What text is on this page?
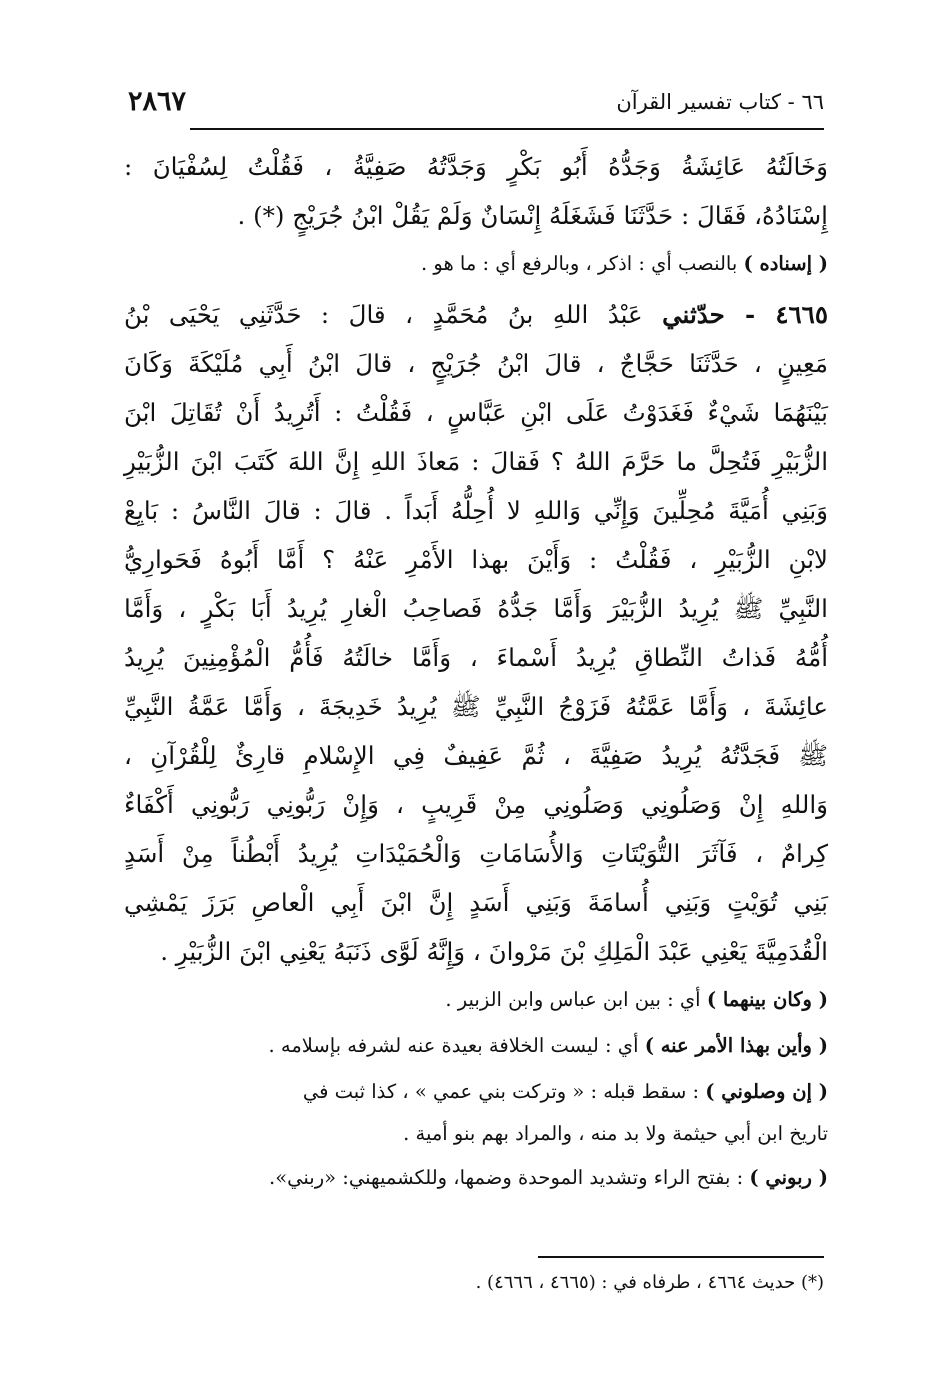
٢٨٦٧	٦٦ - كتاب تفسير القرآن
وَخَالَتُهُ عَائِشَةُ وَجَدُّهُ أَبُو بَكْرٍ وَجَدَّتُهُ صَفِيَّةُ ، فَقُلْتُ لِسُفْيَانَ :
إِسْنَادُهُ، فَقَالَ : حَدَّثَنَا فَشَغَلَهُ إِنْسَانٌ وَلَمْ يَقُلْ ابْنُ جُرَيْجٍ (*) .
( إسناده ) بالنصب أي : اذكر ، وبالرفع أي : ما هو .
٤٦٦٥ - حدّثني عَبْدُ اللهِ بنُ مُحَمَّدٍ ، قالَ : حَدَّثَنِي يَحْيَى بْنُ
مَعِينٍ ، حَدَّثَنَا حَجَّاجٌ ، قالَ ابْنُ جُرَيْجٍ ، قالَ ابْنُ أَبِي مُلَيْكَةَ وَكَانَ
بَيْنَهُمَا شَيْءٌ فَغَدَوْتُ عَلَى ابْنِ عَبَّاسٍ ، فَقُلْتُ : أَتُرِيدُ أَنْ تُقَاتِلَ ابْنَ
الزُّبَيْرِ فَتُحِلَّ ما حَرَّمَ اللهُ ؟ فَقالَ : مَعاذَ اللهِ إِنَّ اللهَ كَتَبَ ابْنَ الزُّبَيْرِ
وَبَنِي أُمَيَّةَ مُحِلِّينَ وَإِنِّي وَاللهِ لا أُحِلُّهُ أَبَداً . قالَ : قالَ النَّاسُ : بَايِعْ
لابْنِ الزُّبَيْرِ ، فَقُلْتُ : وَأَيْنَ بهذا الأَمْرِ عَنْهُ ؟ أَمَّا أَبُوهُ فَحَوارِيُّ
النَّبِيِّ ﷺ يُرِيدُ الزُّبَيْرَ وَأَمَّا جَدُّهُ فَصاحِبُ الْغارِ يُرِيدُ أَبَا بَكْرٍ ، وَأَمَّا
أُمُّهُ فَذاتُ النِّطاقِ يُرِيدُ أَسْماءَ ، وَأَمَّا خالَتُهُ فَأُمُّ الْمُؤْمِنِينَ يُرِيدُ
عائِشَةَ ، وَأَمَّا عَمَّتُهُ فَزَوْجُ النَّبِيِّ ﷺ يُرِيدُ خَدِيجَةَ ، وَأَمَّا عَمَّةُ النَّبِيِّ
ﷺ فَجَدَّتُهُ يُرِيدُ صَفِيَّةَ ، ثُمَّ عَفِيفٌ فِي الإِسْلامِ قارِئٌ لِلْقُرْآنِ ،
وَاللهِ إِنْ وَصَلُونِي وَصَلُونِي مِنْ قَرِيبٍ ، وَإِنْ رَبُّونِي رَبُّونِي أَكْفَاءٌ
كِرامٌ ، فَآثَرَ التُّوَيْتَاتِ وَالأُسَامَاتِ وَالْحُمَيْدَاتِ يُرِيدُ أَبْطُناً مِنْ أَسَدٍ
بَنِي تُوَيْتٍ وَبَنِي أُسامَةَ وَبَنِي أَسَدٍ إِنَّ ابْنَ أَبِي الْعاصِ بَرَزَ يَمْشِي
الْقُدَمِيَّةَ يَعْنِي عَبْدَ الْمَلِكِ بْنَ مَرْوانَ ، وَإِنَّهُ لَوَّى ذَنَبَهُ يَعْنِي ابْنَ الزُّبَيْرِ .
( وكان بينهما ) أي : بين ابن عباس وابن الزبير .
( وأين بهذا الأمر عنه ) أي : ليست الخلافة بعيدة عنه لشرفه بإسلامه .
( إن وصلوني ) : سقط قبله : « وتركت بني عمي » ، كذا ثبت في
تاريخ ابن أبي حيثمة ولا بد منه ، والمراد بهم بنو أمية .
( ربوني ) : بفتح الراء وتشديد الموحدة وضمها، وللكشميهني: «ربني».
(*) حديث ٤٦٦٤ ، طرفاه في : (٤٦٦٥ ، ٤٦٦٦) .
